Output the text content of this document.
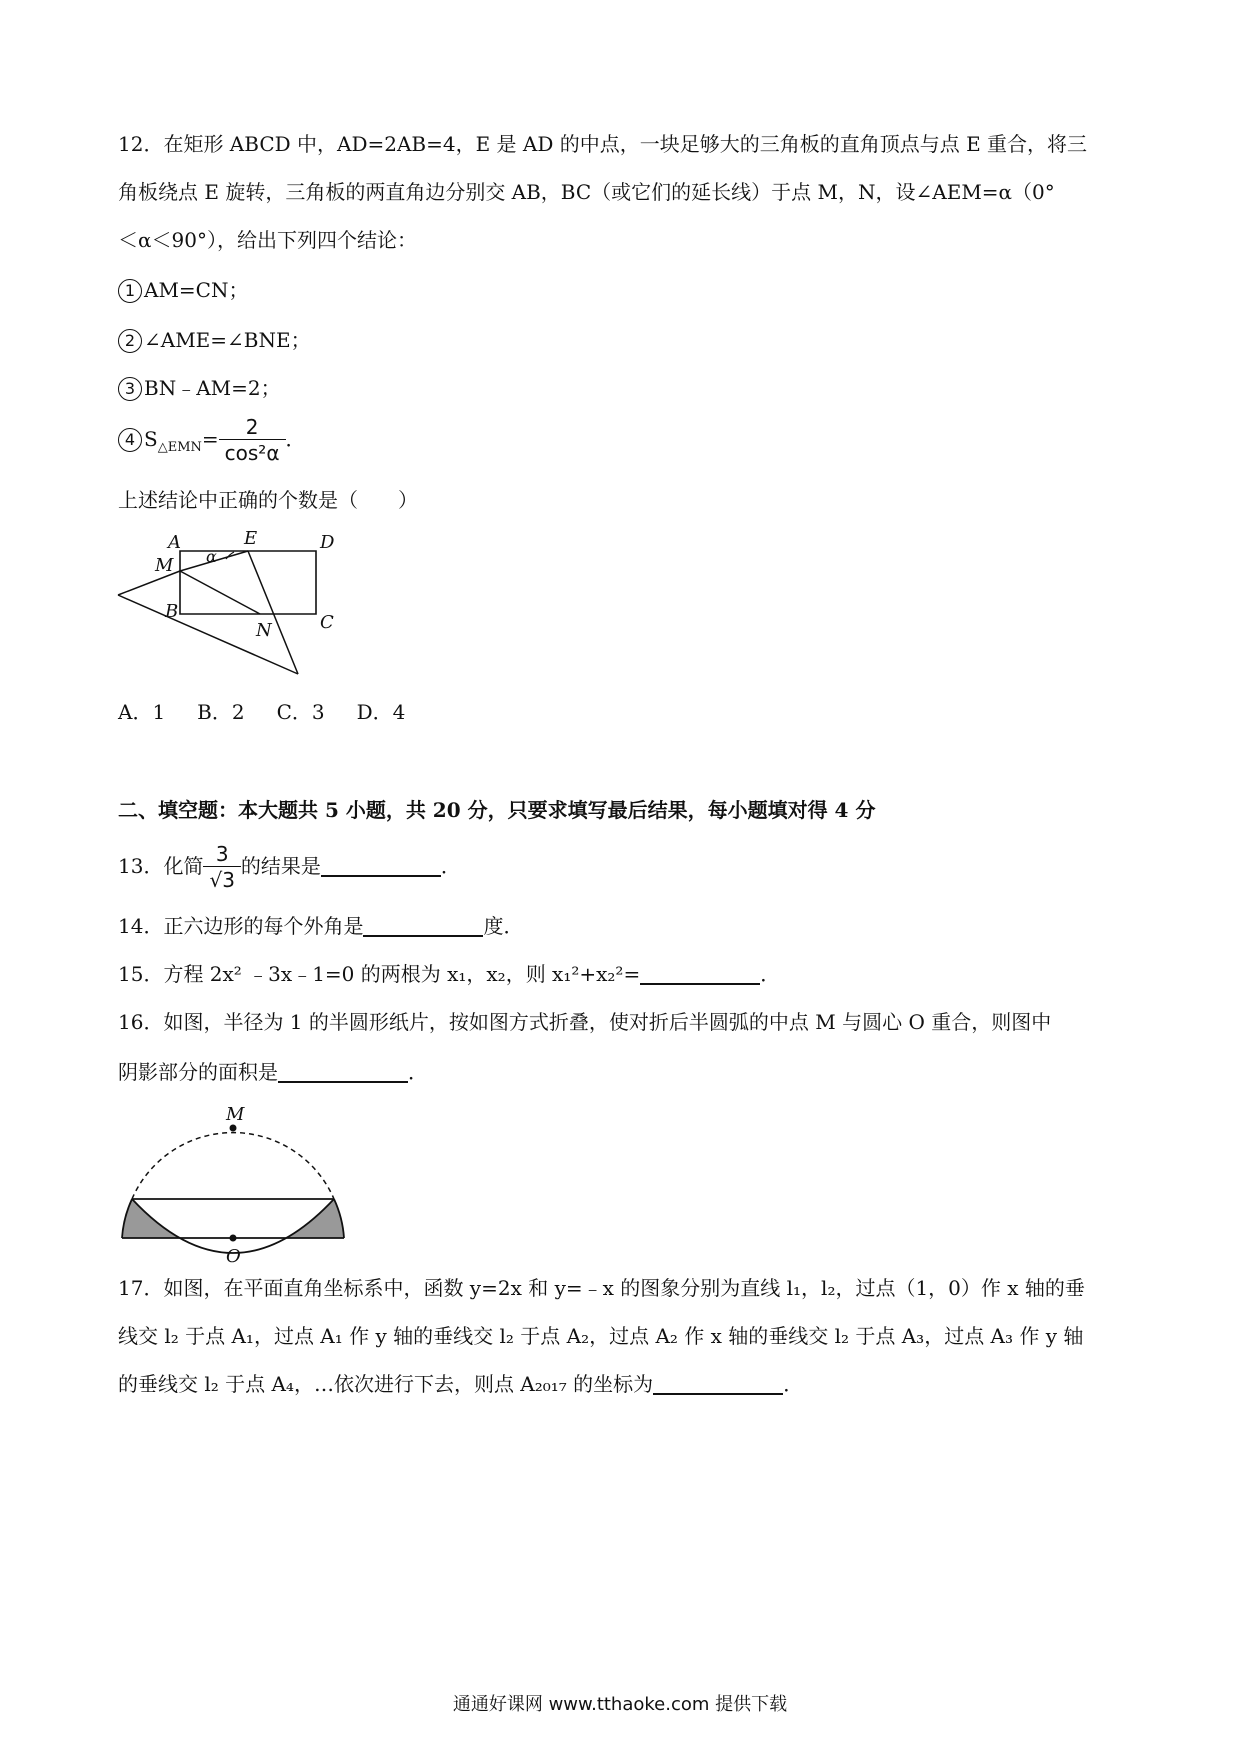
12．在矩形 ABCD 中，AD=2AB=4，E 是 AD 的中点，一块足够大的三角板的直角顶点与点 E 重合，将三
角板绕点 E 旋转，三角板的两直角边分别交 AB，BC（或它们的延长线）于点 M，N，设∠AEM=α（0°
＜α＜90°），给出下列四个结论：
1 AM=CN；
2 ∠AME=∠BNE；
3 BN﹣AM=2；
4 $S_{\triangle EMN}= \frac{2}{\text{cos²α}}$ ．
上述结论中正确的个数是（　　）
A	E	D
M α
B
N	C
A．1 B．2 C．3 D．4
二、填空题：本大题共 5 小题，共 20 分，只要求填写最后结果，每小题填对得 4 分
13．化简 $\frac{3}{√3}$ 的结果是	．
14．正六边形的每个外角是	度．
15．方程 2x² ﹣3x﹣1=0 的两根为 x₁，x₂，则 x₁²+x₂²=	．
16．如图，半径为 1 的半圆形纸片，按如图方式折叠，使对折后半圆弧的中点 M 与圆心 O 重合，则图中
阴影部分的面积是	．
M
O
17．如图，在平面直角坐标系中，函数 y=2x 和 y=﹣x 的图象分别为直线 l₁，l₂，过点（1，0）作 x 轴的垂
线交 l₂ 于点 A₁，过点 A₁ 作 y 轴的垂线交 l₂ 于点 A₂，过点 A₂ 作 x 轴的垂线交 l₂ 于点 A₃，过点 A₃ 作 y 轴
的垂线交 l₂ 于点 A₄，…依次进行下去，则点 A₂₀₁₇ 的坐标为	．
通通好课网 www.tthaoke.com 提供下载
